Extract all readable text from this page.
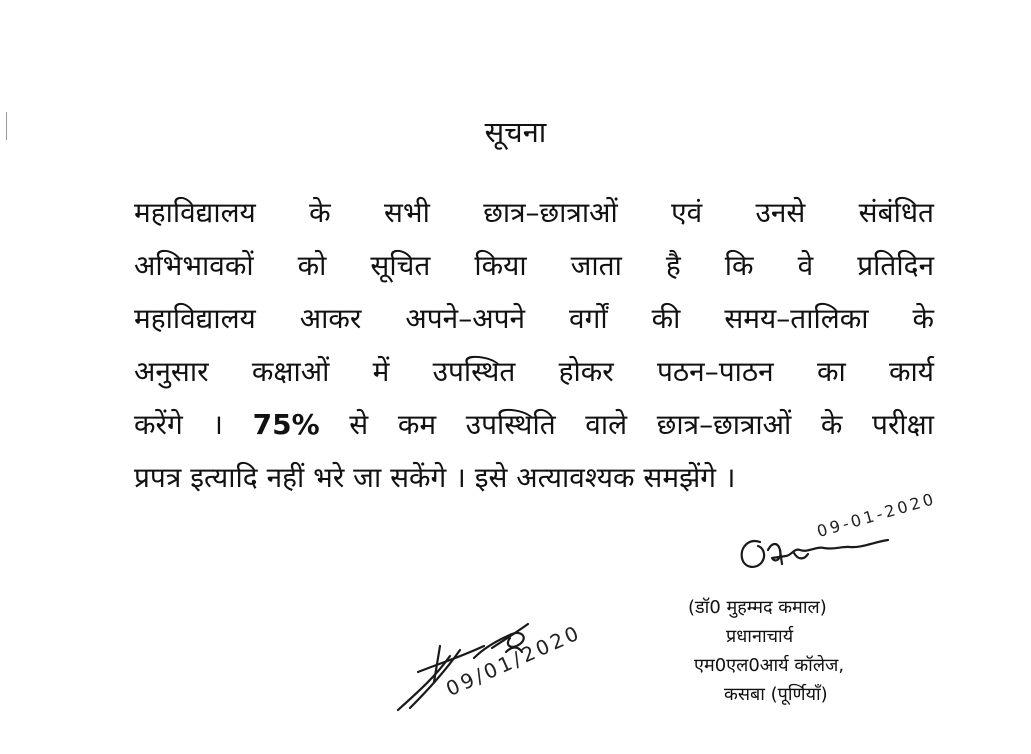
सूचना
महाविद्यालय के सभी छात्र–छात्राओं एवं उनसे संबंधित
अभिभावकों को सूचित किया जाता है कि वे प्रतिदिन
महाविद्यालय आकर अपने–अपने वर्गों की समय–तालिका के
अनुसार कक्षाओं में उपस्थित होकर पठन–पाठन का कार्य
करेंगे । 75% से कम उपस्थिति वाले छात्र–छात्राओं के परीक्षा
प्रपत्र इत्यादि नहीं भरे जा सकेंगे । इसे अत्यावश्यक समझेंगे ।
09-01-2020
09/01/2020
(डॉ0 मुहम्मद कमाल)
प्रधानाचार्य
एम0एल0आर्य कॉलेज,
कसबा (पूर्णियाँ)
